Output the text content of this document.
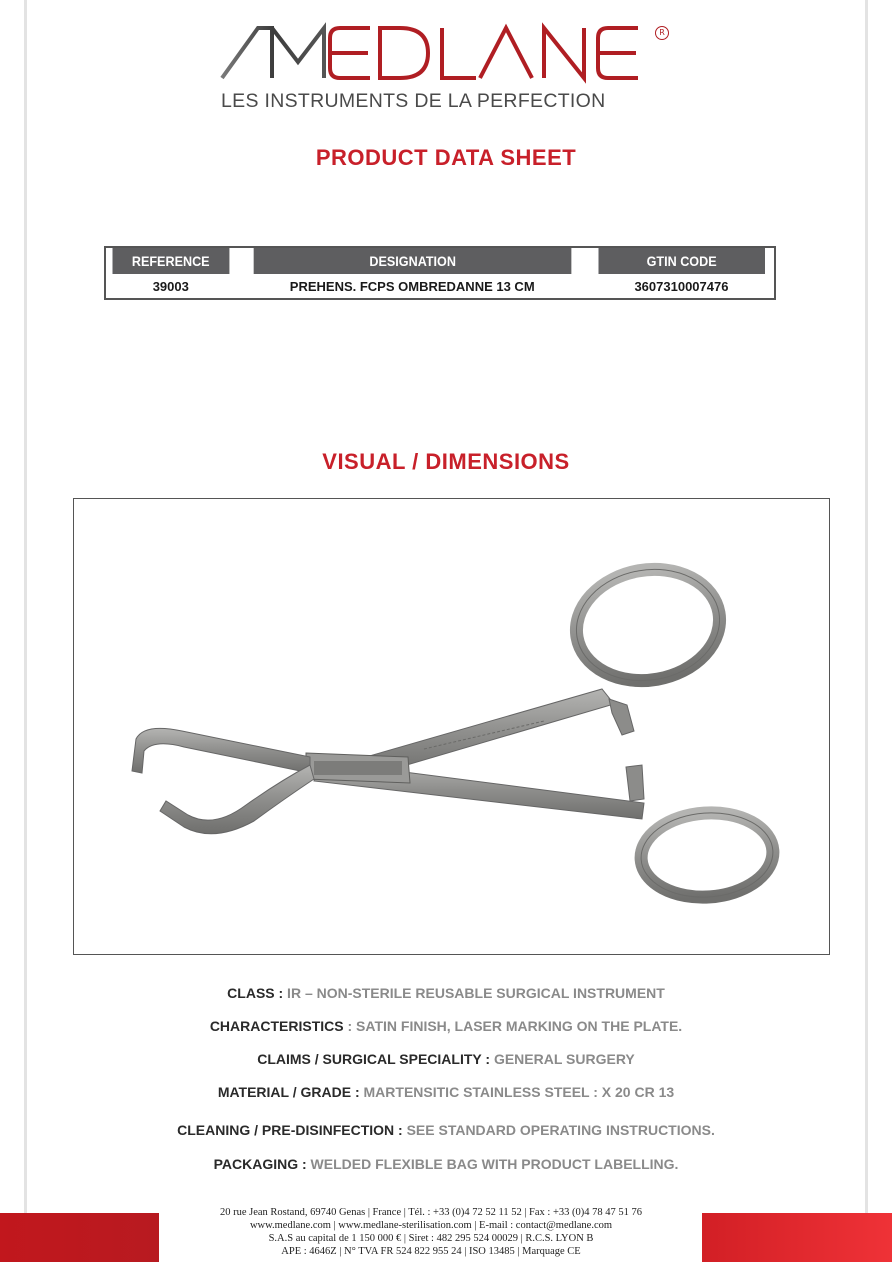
R
LES INSTRUMENTS DE LA PERFECTION
PRODUCT DATA SHEET
REFERENCE	DESIGNATION	GTIN CODE
39003	PREHENS. FCPS OMBREDANNE 13 CM	3607310007476
VISUAL / DIMENSIONS
CLASS : IR – NON-STERILE REUSABLE SURGICAL INSTRUMENT
CHARACTERISTICS : SATIN FINISH, LASER MARKING ON THE PLATE.
CLAIMS / SURGICAL SPECIALITY : GENERAL SURGERY
MATERIAL / GRADE : MARTENSITIC STAINLESS STEEL : X 20 CR 13
CLEANING / PRE-DISINFECTION : SEE STANDARD OPERATING INSTRUCTIONS.
PACKAGING : WELDED FLEXIBLE BAG WITH PRODUCT LABELLING.
20 rue Jean Rostand, 69740 Genas | France | Tél. : +33 (0)4 72 52 11 52 | Fax : +33 (0)4 78 47 51 76
www.medlane.com | www.medlane-sterilisation.com | E-mail : contact@medlane.com
S.A.S au capital de 1 150 000 € | Siret : 482 295 524 00029 | R.C.S. LYON B
APE : 4646Z | N° TVA FR 524 822 955 24 | ISO 13485 | Marquage CE
